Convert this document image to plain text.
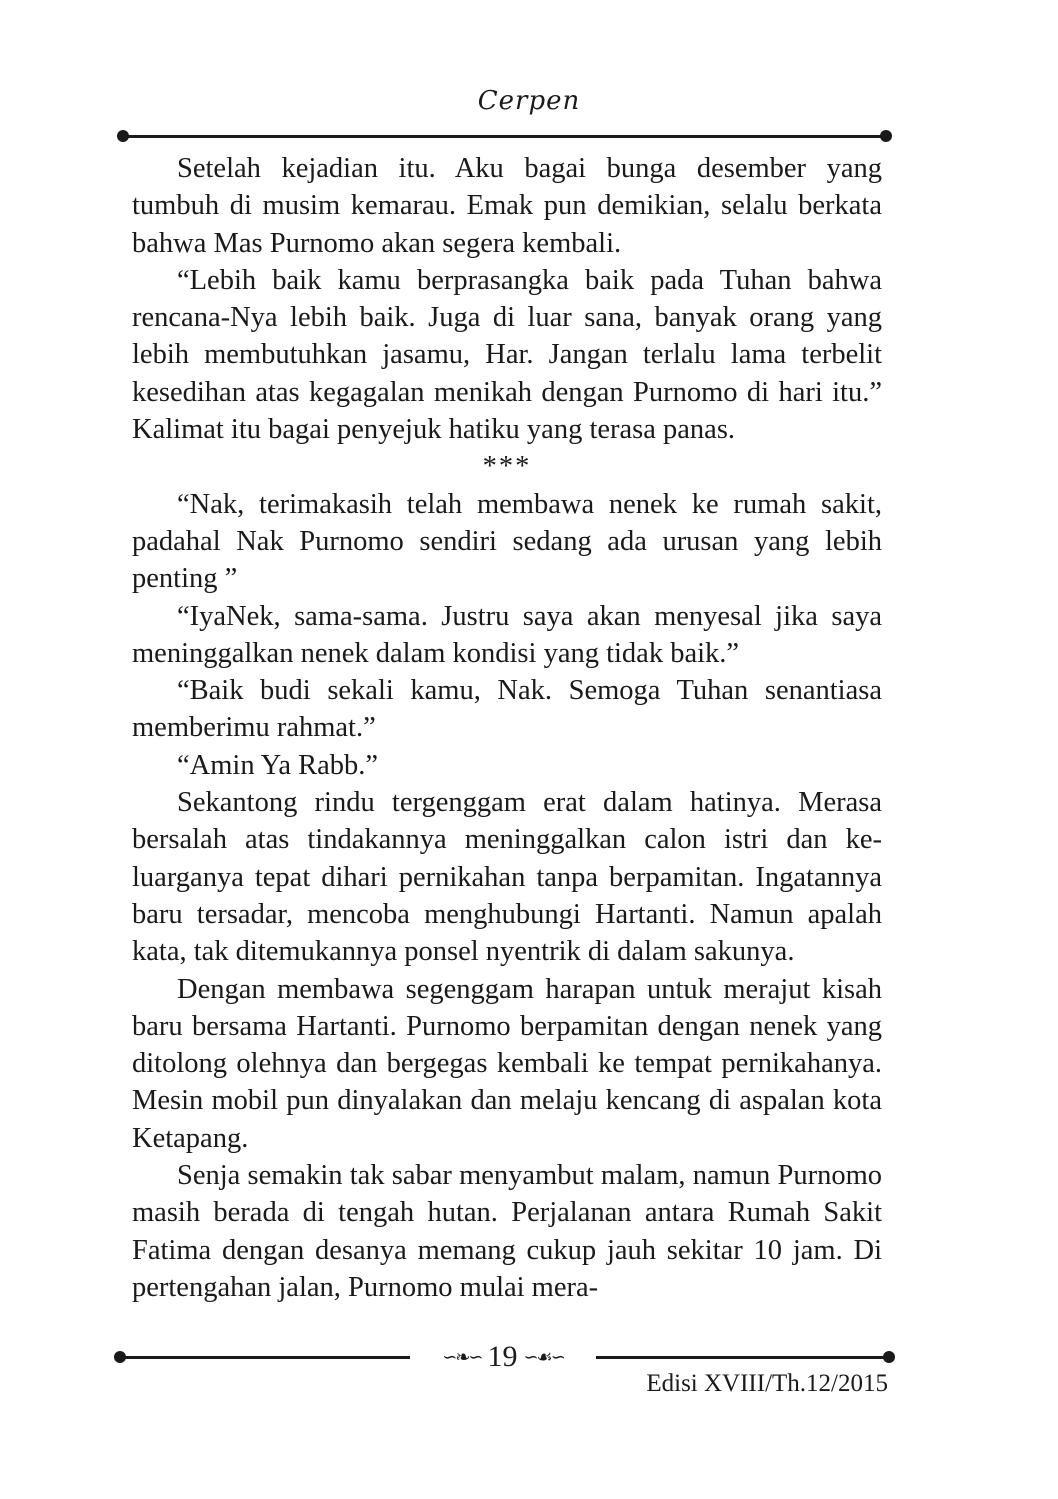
Cerpen

Setelah kejadian itu. Aku bagai bunga desember yang tumbuh di musim kemarau. Emak pun demikian, selalu berkata bahwa Mas Purnomo akan segera kembali.

“Lebih baik kamu berprasangka baik pada Tuhan bahwa rencana-Nya lebih baik. Juga di luar sana, banyak orang yang lebih membutuhkan jasamu, Har. Jangan terlalu lama terbelit kesedihan atas kegagalan menikah dengan Purnomo di hari itu.” Kalimat itu bagai penyejuk hatiku yang terasa panas.

***

“Nak, terimakasih telah membawa nenek ke rumah sakit, padahal Nak Purnomo sendiri sedang ada urusan yang lebih penting ”

“IyaNek, sama-sama. Justru saya akan menyesal jika saya meninggalkan nenek dalam kondisi yang tidak baik.”

“Baik budi sekali kamu, Nak. Semoga Tuhan senantiasa memberimu rahmat.”

“Amin Ya Rabb.”

Sekantong rindu tergenggam erat dalam hatinya. Merasa bersalah atas tindakannya meninggalkan calon istri dan keluarganya tepat dihari pernikahan tanpa berpamitan. Ingatannya baru tersadar, mencoba menghubungi Hartanti. Namun apalah kata, tak ditemukannya ponsel nyentrik di dalam sakunya.

Dengan membawa segenggam harapan untuk merajut kisah baru bersama Hartanti. Purnomo berpamitan dengan nenek yang ditolong olehnya dan bergegas kembali ke tempat pernikahanya. Mesin mobil pun dinyalakan dan melaju kencang di aspalan kota Ketapang.

Senja semakin tak sabar menyambut malam, namun Purnomo masih berada di tengah hutan. Perjalanan antara Rumah Sakit Fatima dengan desanya memang cukup jauh sekitar 10 jam. Di pertengahan jalan, Purnomo mulai mera-

∽❧∽ 19 ∽☙∽
Edisi XVIII/Th.12/2015
